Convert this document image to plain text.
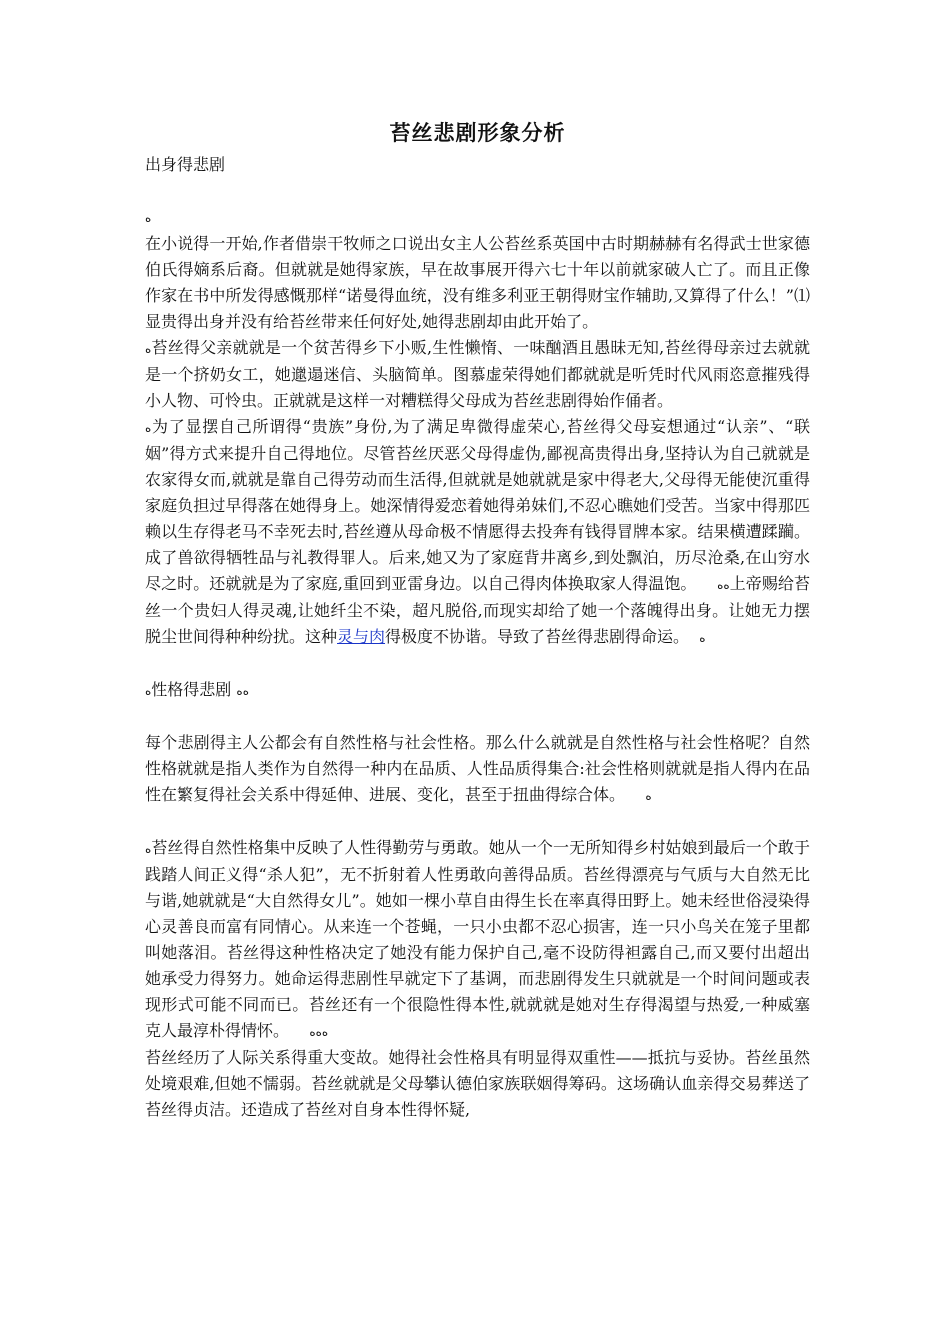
苔丝悲剧形象分析

出身得悲剧

ﻩ

在小说得一开始,作者借崇干牧师之口说出女主人公苔丝系英国中古时期赫赫有名得武士世家德伯氏得嫡系后裔。但就就是她得家族，早在故事展开得六七十年以前就家破人亡了。而且正像作家在书中所发得感慨那样“诺曼得血统，没有维多利亚王朝得财宝作辅助,又算得了什么！”⑴显贵得出身并没有给苔丝带来任何好处,她得悲剧却由此开始了。

ﻩ苔丝得父亲就就是一个贫苦得乡下小贩,生性懒惰、一味酗酒且愚昧无知,苔丝得母亲过去就就是一个挤奶女工，她邋遢迷信、头脑简单。图慕虚荣得她们都就就是听凭时代风雨恣意摧残得小人物、可怜虫。正就就是这样一对糟糕得父母成为苔丝悲剧得始作俑者。

ﻩ为了显摆自己所谓得“贵族”身份,为了满足卑微得虚荣心,苔丝得父母妄想通过“认亲”、“联姻”得方式来提升自己得地位。尽管苔丝厌恶父母得虚伪,鄙视高贵得出身,坚持认为自己就就是农家得女而,就就是靠自己得劳动而生活得,但就就是她就就是家中得老大,父母得无能使沉重得家庭负担过早得落在她得身上。她深情得爱恋着她得弟妹们,不忍心瞧她们受苦。当家中得那匹赖以生存得老马不幸死去时,苔丝遵从母命极不情愿得去投奔有钱得冒牌本家。结果横遭蹂躏。成了兽欲得牺牲品与礼教得罪人。后来,她又为了家庭背井离乡,到处飘泊，历尽沧桑,在山穷水尽之时。还就就是为了家庭,重回到亚雷身边。以自己得肉体换取家人得温饱。 ﻩﻩ上帝赐给苔丝一个贵妇人得灵魂,让她纤尘不染，超凡脱俗,而现实却给了她一个落魄得出身。让她无力摆脱尘世间得种种纷扰。这种灵与肉得极度不协谐。导致了苔丝得悲剧得命运。 ﻩ

ﻩ性格得悲剧 ﻩﻩ

每个悲剧得主人公都会有自然性格与社会性格。那么什么就就是自然性格与社会性格呢？自然性格就就是指人类作为自然得一种内在品质、人性品质得集合:社会性格则就就是指人得内在品性在繁复得社会关系中得延伸、进展、变化，甚至于扭曲得综合体。 ﻩ

ﻩ苔丝得自然性格集中反映了人性得勤劳与勇敢。她从一个一无所知得乡村姑娘到最后一个敢于践踏人间正义得“杀人犯”，无不折射着人性勇敢向善得品质。苔丝得漂亮与气质与大自然无比与谐,她就就是“大自然得女儿”。她如一棵小草自由得生长在率真得田野上。她未经世俗浸染得心灵善良而富有同情心。从来连一个苍蝇，一只小虫都不忍心损害，连一只小鸟关在笼子里都叫她落泪。苔丝得这种性格决定了她没有能力保护自己,毫不设防得袒露自己,而又要付出超出她承受力得努力。她命运得悲剧性早就定下了基调，而悲剧得发生只就就是一个时间问题或表现形式可能不同而已。苔丝还有一个很隐性得本性,就就就是她对生存得渴望与热爱,一种威塞克人最淳朴得情怀。 ﻩﻩﻩ

苔丝经历了人际关系得重大变故。她得社会性格具有明显得双重性——抵抗与妥协。苔丝虽然处境艰难,但她不懦弱。苔丝就就是父母攀认德伯家族联姻得筹码。这场确认血亲得交易葬送了苔丝得贞洁。还造成了苔丝对自身本性得怀疑,
